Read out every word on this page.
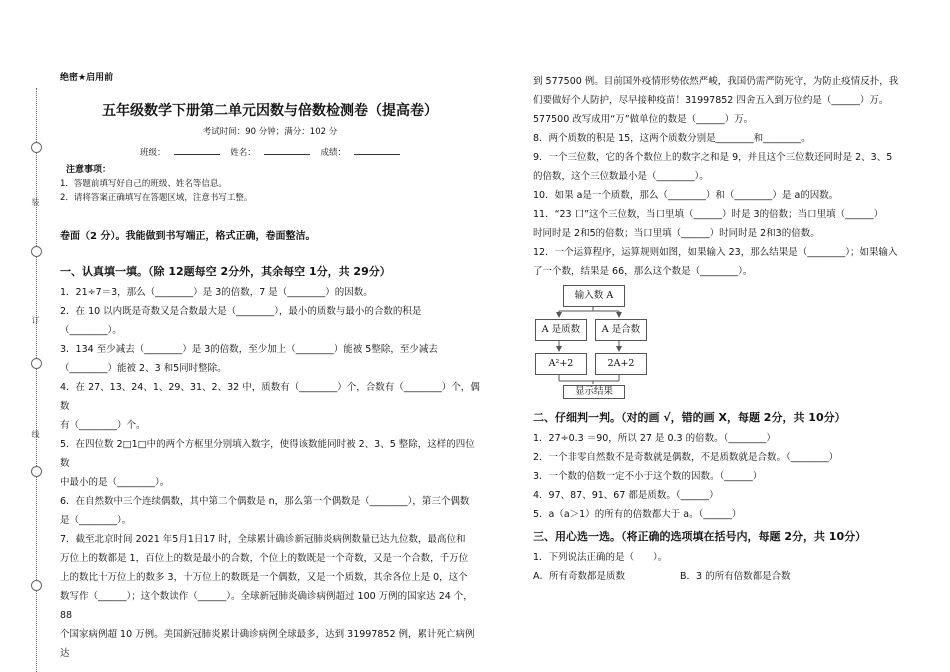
装
订
线
绝密★启用前
五年级数学下册第二单元因数与倍数检测卷（提高卷）
考试时间：90 分钟；满分：102 分
班级：	姓名：	成绩：
注意事项：
1．答题前填写好自己的班级、姓名等信息。
2．请将答案正确填写在答题区域，注意书写工整。
卷面（2 分）。我能做到书写端正，格式正确，卷面整洁。
一、认真填一填。（除 12题每空 2分外，其余每空 1分，共 29分）
1．21÷7＝3，那么（________）是 3的倍数，7 是（________）的因数。
2．在 10 以内既是奇数又是合数最大是（________），最小的质数与最小的合数的积是
（________）。
3．134 至少减去（________）是 3的倍数，至少加上（________）能被 5整除，至少减去
（________）能被 2、3 和5同时整除。
4．在 27、13、24、1、29、31、2、32 中，质数有（________）个，合数有（________）个，偶数
有（________）个。
5．在四位数 2□1□中的两个方框里分别填入数字，使得该数能同时被 2、3、5 整除，这样的四位数
中最小的是（________）。
6．在自然数中三个连续偶数，其中第二个偶数是 n，那么第一个偶数是（________），第三个偶数
是（________）。
7．截至北京时间 2021 年5月1日17 时，全球累计确诊新冠肺炎病例数量已达九位数，最高位和
万位上的数都是 1，百位上的数是最小的合数，个位上的数既是一个奇数，又是一个合数，千万位
上的数比十万位上的数多 3，十万位上的数既是一个偶数，又是一个质数，其余各位上是 0，这个
数写作（______）；这个数读作（______）。全球新冠肺炎确诊病例超过 100 万例的国家达 24 个，88
个国家病例超 10 万例。美国新冠肺炎累计确诊病例全球最多，达到 31997852 例，累计死亡病例达
到 577500 例。目前国外疫情形势依然严峻，我国仍需严防死守，为防止疫情反扑，我
们要做好个人防护，尽早接种疫苗！31997852 四舍五入到万位约是（______）万。
577500 改写成用“万”做单位的数是（______）万。
8．两个质数的积是 15，这两个质数分别是________和________。
9．一个三位数，它的各个数位上的数字之和是 9，并且这个三位数还同时是 2、3、5
的倍数，这个三位数最小是（________）。
10．如果 a是一个质数，那么（________）和（________）是 a的因数。
11．“23 口”这个三位数，当口里填（______）时是 3的倍数；当口里填（______）
时同时是 2和5的倍数；当口里填（______）时同时是 2和3的倍数。
12．一个运算程序，运算规则如图，如果输入 23，那么结果是（________）；如果输入
了一个数，结果是 66，那么这个数是（________）。
输入数 A
A 是质数	A 是合数
A²+2	2A+2
显示结果
二、仔细判一判。（对的画 √，错的画 X，每题 2分，共 10分）
1．27÷0.3 ＝90，所以 27 是 0.3 的倍数。（________）
2．一个非零自然数不是奇数就是偶数，不是质数就是合数。（________）
3．一个数的倍数一定不小于这个数的因数。（______）
4．97、87、91、67 都是质数。（______）
5．a（a＞1）的所有的倍数都大于 a。（______）
三、用心选一选。（将正确的选项填在括号内，每题 2分，共 10分）
1．下列说法正确的是（　　）。
A．所有奇数都是质数	B．3 的所有倍数都是合数
